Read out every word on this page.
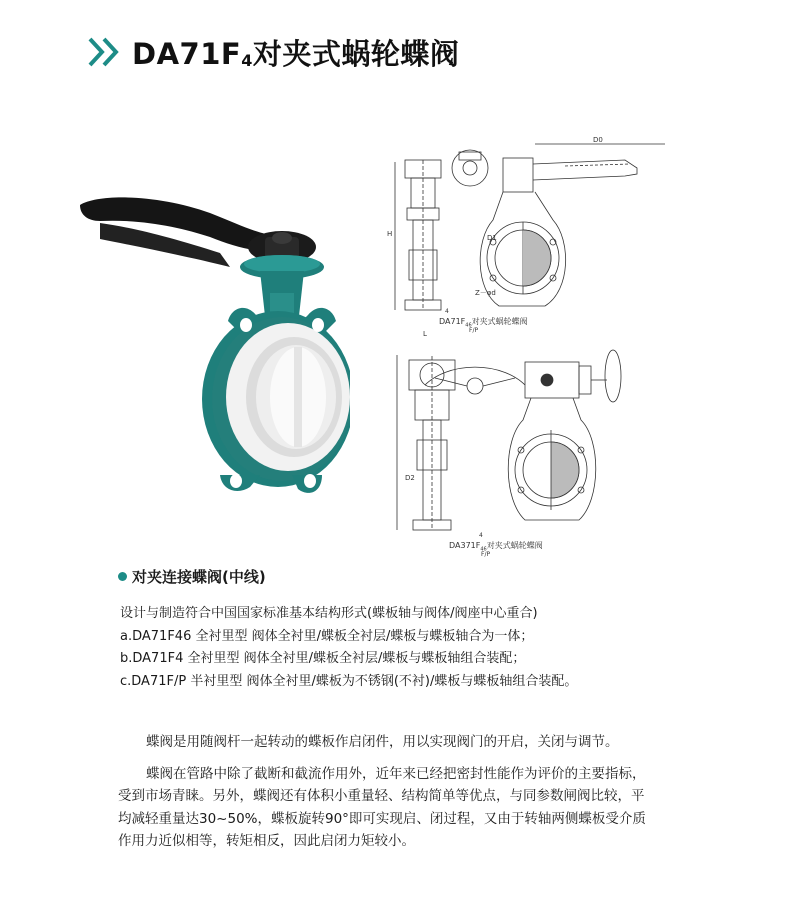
$DA71F_4$对夹式蜗轮蝶阀
D0
H
Z－φd
D1
D2
L
4
$DA71F_{46}$对夹式蜗轮蝶阀
F/P
4
$DA371F_{46}$对夹式蜗轮蝶阀
F/P
对夹连接蝶阀(中线)
设计与制造符合中国国家标准基本结构形式(蝶板轴与阀体/阀座中心重合)
a.DA71F46 全衬里型 阀体全衬里/蝶板全衬层/蝶板与蝶板轴合为一体；
b.DA71F4 全衬里型 阀体全衬里/蝶板全衬层/蝶板与蝶板轴组合装配；
c.DA71F/P 半衬里型 阀体全衬里/蝶板为不锈钢(不衬)/蝶板与蝶板轴组合装配。

蝶阀是用随阀杆一起转动的蝶板作启闭件，用以实现阀门的开启，关闭与调节。

蝶阀在管路中除了截断和截流作用外，近年来已经把密封性能作为评价的主要指标，受到市场青睐。另外，蝶阀还有体积小重量轻、结构简单等优点，与同参数闸阀比较，平均减轻重量达30~50%，蝶板旋转90°即可实现启、闭过程，又由于转轴两侧蝶板受介质作用力近似相等，转矩相反，因此启闭力矩较小。
